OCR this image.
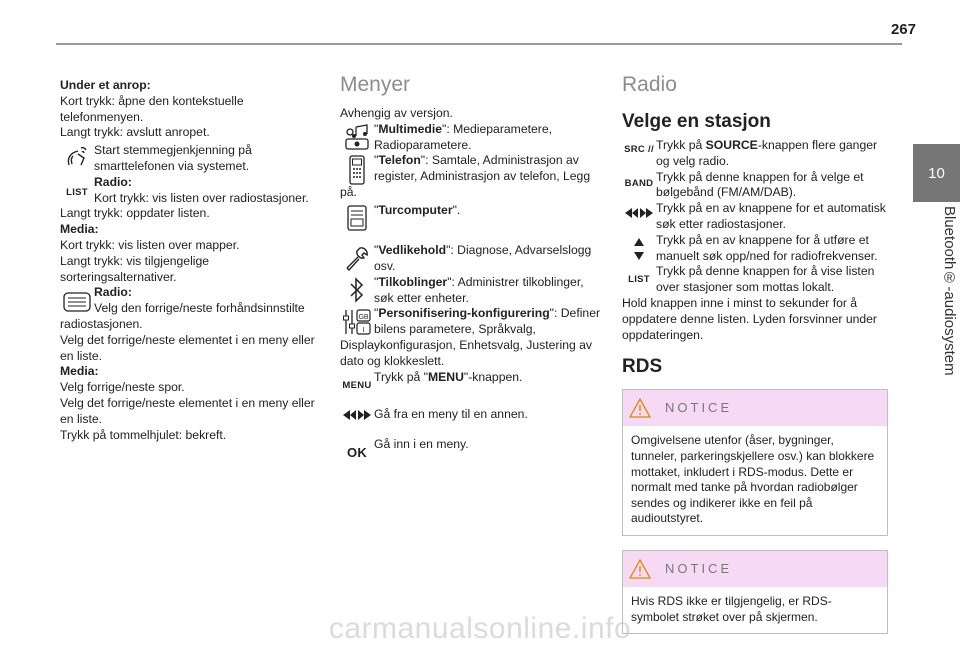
267
10
Bluetooth®-audiosystem

Under et anrop:

Kort trykk: åpne den kontekstuelle telefonmenyen.
Langt trykk: avslutt anropet.

Start stemmegjenkjenning på smarttelefonen via systemet.

LIST

Radio:

Kort trykk: vis listen over radiostasjoner.

Langt trykk: oppdater listen.

Media:

Kort trykk: vis listen over mapper.
Langt trykk: vis tilgjengelige sorteringsalternativer.

Radio:

Velg den forrige/neste forhåndsinnstilte

radiostasjonen.

Velg det forrige/neste elementet i en meny eller en liste.

Media:

Velg forrige/neste spor.
Velg det forrige/neste elementet i en meny eller en liste.
Trykk på tommelhjulet: bekreft.

Menyer

Avhengig av versjon.

"Multimedie": Medieparametere, Radioparametere.

"Telefon": Samtale, Administrasjon av register, Administrasjon av telefon, Legg

på.

"Turcomputer".

"Vedlikehold": Diagnose, Advarselslogg osv.

"Tilkoblinger": Administrer tilkoblinger, søk etter enheter.

GB
I

"Personifisering-konfigurering": Definer bilens parametere, Språkvalg,

Displaykonfigurasjon, Enhetsvalg, Justering av dato og klokkeslett.

MENU

Trykk på "MENU"-knappen.

Gå fra en meny til en annen.

OK

Gå inn i en meny.

Radio
Velge en stasjon
SRC // Trykk på SOURCE-knappen flere ganger og velg radio.

BAND Trykk på denne knappen for å velge et bølgebånd (FM/AM/DAB).

Trykk på en av knappene for et automatisk søk etter radiostasjoner.

Trykk på en av knappene for å utføre et manuelt søk opp/ned for radiofrekvenser.

LIST

Trykk på denne knappen for å vise listen over stasjoner som mottas lokalt.

Hold knappen inne i minst to sekunder for å oppdatere denne listen. Lyden forsvinner under oppdateringen.

RDS
NOTICE
Omgivelsene utenfor (åser, bygninger, tunneler, parkeringskjellere osv.) kan blokkere mottaket, inkludert i RDS-modus. Dette er normalt med tanke på hvordan radiobølger sendes og indikerer ikke en feil på audioutstyret.
NOTICE
Hvis RDS ikke er tilgjengelig, er RDS-symbolet strøket over på skjermen.
carmanualsonline.info
